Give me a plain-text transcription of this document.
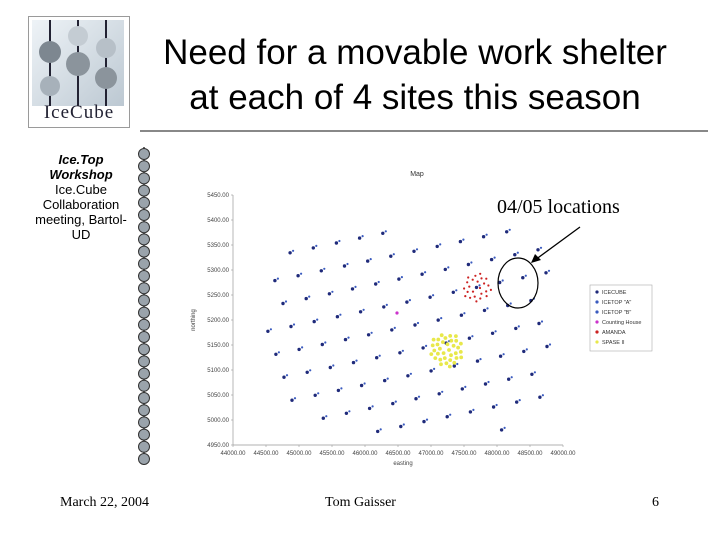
IceCube
Need for a movable work shelter
at each of 4 sites this season
Ice.Top Workshop
Ice.Cube Collaboration meeting, Bartol-UD
Map
5450.00
5400.00
5350.00
5300.00
5250.00
5200.00
5150.00
5100.00
5050.00
5000.00
4950.00
44000.00 44500.00 45000.00 45500.00 46000.00 46500.00 47000.00 47500.00 48000.00 48500.00 49000.00
easting
northing
ICECUBE
ICETOP "A"
ICETOP "B"
Counting House
AMANDA
SPASE II
04/05 locations
March 22, 2004	Tom Gaisser	6
